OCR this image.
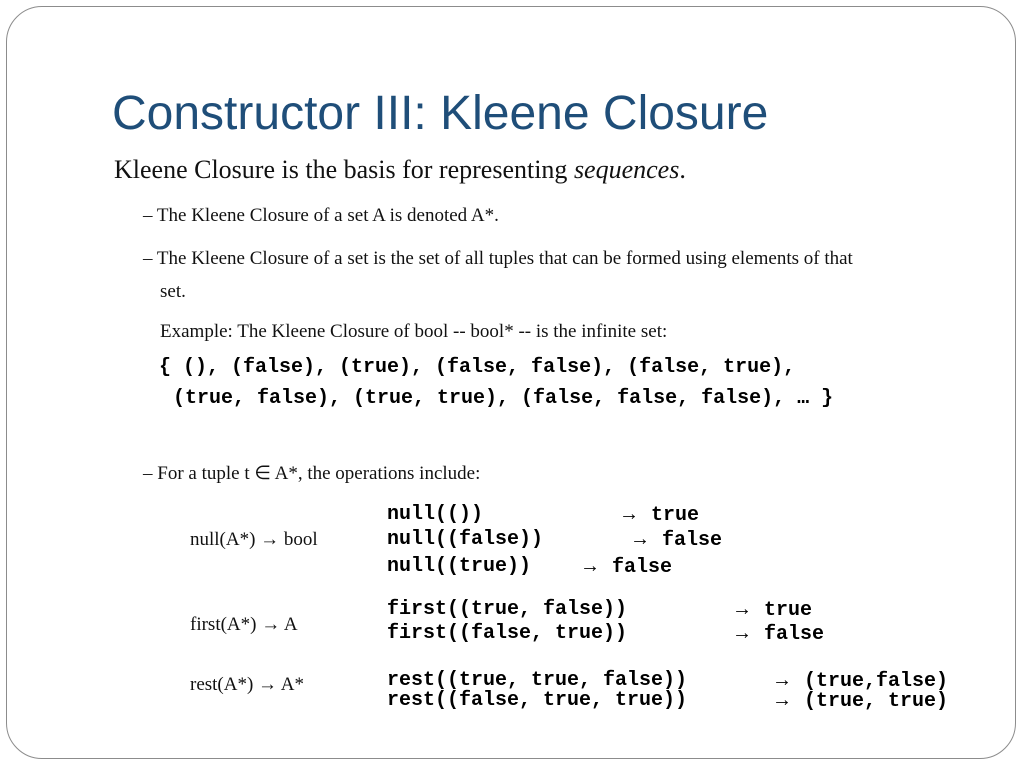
Constructor III: Kleene Closure
Kleene Closure is the basis for representing sequences.
– The Kleene Closure of a set A is denoted A*.
– The Kleene Closure of a set is the set of all tuples that can be formed using elements of that
set.
Example: The Kleene Closure of bool -- bool* -- is the infinite set:
{ (), (false), (true), (false, false), (false, true),
(true, false), (true, true), (false, false, false), … }
– For a tuple t ∈ A*, the operations include:
null(A*) → bool
null(())	→ true
null((false))	→ false
null((true)) → false
first(A*) → A
first((true, false))	→ true
first((false, true))	→ false
rest(A*) → A*	rest((true, true, false))	→ (true,false)
rest((false, true, true))	→ (true, true)
